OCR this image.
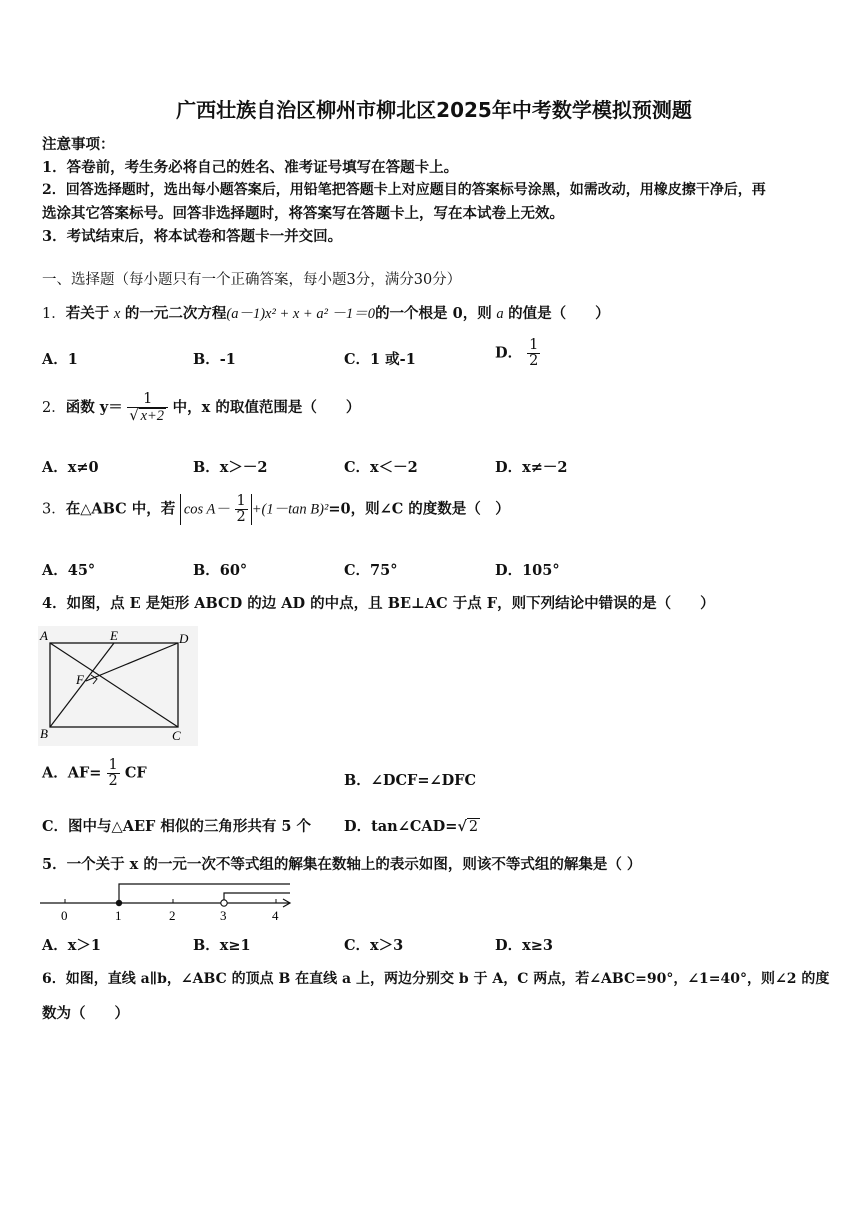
广西壮族自治区柳州市柳北区2025年中考数学模拟预测题
注意事项：
1．答卷前，考生务必将自己的姓名、准考证号填写在答题卡上。
2．回答选择题时，选出每小题答案后，用铅笔把答题卡上对应题目的答案标号涂黑，如需改动，用橡皮擦干净后，再
选涂其它答案标号。回答非选择题时，将答案写在答题卡上，写在本试卷上无效。
3．考试结束后，将本试卷和答题卡一并交回。
一、选择题（每小题只有一个正确答案，每小题3分，满分30分）
1．若关于 x 的一元二次方程(a－1)x² + x + a² －1＝0的一个根是 0，则 a 的值是（　　）
A．1	B．-1	C．1 或-1	D． $\frac{1}{2}$
2．函数 $y= \frac{1}{√ x+2}$ 中，x 的取值范围是（　　）
A．x≠0	B．x＞－2	C．x＜－2	D．x≠－2
3．在△ABC 中，若 $\cos A- \frac{1}{2} +(1-\tan$ B)²=0，则∠C 的度数是（　）
A．45°	B．60°	C．75°	D．105°
4．如图，点 E 是矩形 ABCD 的边 AD 的中点，且 BE⊥AC 于点 F，则下列结论中错误的是（　　）
A	E	D
F
B	C
A．$AF= \frac{1}{2}$ CF	B．∠DCF=∠DFC
C．图中与△AEF 相似的三角形共有 5 个 D．tan∠CAD=√ 2
5．一个关于 x 的一元一次不等式组的解集在数轴上的表示如图，则该不等式组的解集是（ ）
0	1	2	3	4
A．x＞1	B．x≥1	C．x＞3	D．x≥3
6．如图，直线 a∥b，∠ABC 的顶点 B 在直线 a 上，两边分别交 b 于 A，C 两点，若∠ABC=90°，∠1=40°，则∠2 的度
数为（　　）
